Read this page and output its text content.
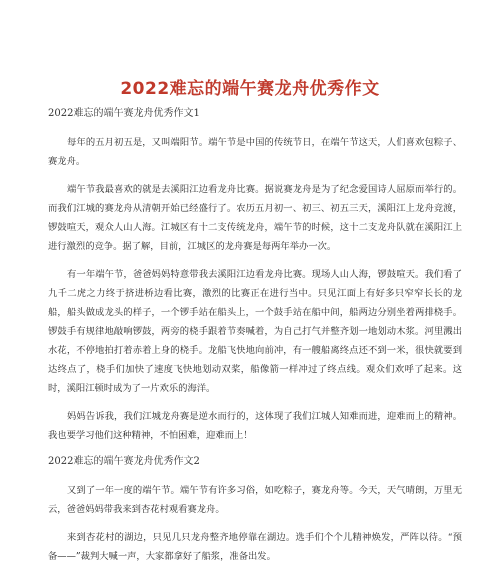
2022难忘的端午赛龙舟优秀作文
2022难忘的端午赛龙舟优秀作文1

每年的五月初五是，又叫端阳节。端午节是中国的传统节日，在端午节这天，人们喜欢包粽子、赛龙舟。

端午节我最喜欢的就是去溪阳江边看龙舟比赛。据说赛龙舟是为了纪念爱国诗人屈原而举行的。而我们江城的赛龙舟从清朝开始已经盛行了。农历五月初一、初三、初五三天，溪阳江上龙舟竞渡，锣鼓喧天，观众人山人海。江城区有十二支传统龙舟，端午节的时候，这十二支龙舟队就在溪阳江上进行激烈的竞争。据了解，目前，江城区的龙舟赛是每两年举办一次。

有一年端午节，爸爸妈妈特意带我去溪阳江边看龙舟比赛。现场人山人海，锣鼓喧天。我们看了九千二虎之力终于挤进桥边看比赛，激烈的比赛正在进行当中。只见江面上有好多只窄窄长长的龙船，船头做成龙头的样子，一个锣手站在船头上，一个鼓手站在船中间，船两边分别坐着两排桡手。锣鼓手有规律地敲响锣鼓，两旁的桡手跟着节奏喊着，为自己打气并整齐划一地划动木浆。河里溅出水花，不停地拍打着赤着上身的桡手。龙船飞快地向前冲，有一艘船离终点还不到一米，很快就要到达终点了，桡手们加快了速度飞快地划动双桨，船像箭一样冲过了终点线。观众们欢呼了起来。这时，溪阳江顿时成为了一片欢乐的海洋。

妈妈告诉我，我们江城龙舟赛是逆水而行的，这体现了我们江城人知难而进，迎难而上的精神。我也要学习他们这种精神，不怕困难，迎难而上！

2022难忘的端午赛龙舟优秀作文2

又到了一年一度的端午节。端午节有许多习俗，如吃粽子，赛龙舟等。今天，天气晴朗，万里无云，爸爸妈妈带我来到杏花村观看赛龙舟。

来到杏花村的湖边，只见几只龙舟整齐地停靠在湖边。选手们个个儿精神焕发，严阵以待。“预备——”裁判大喊一声，大家都拿好了船浆，准备出发。
